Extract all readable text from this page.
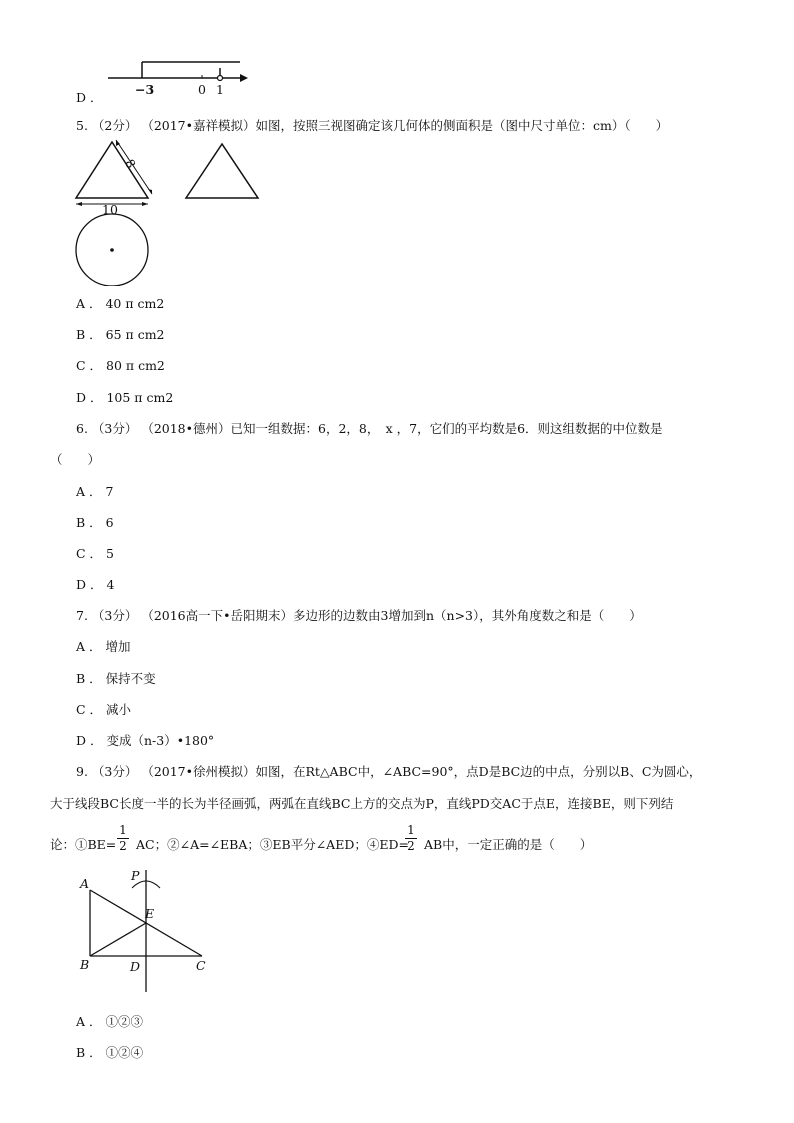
−3	0 1
D ．
5. （2分） （2017•嘉祥模拟）如图，按照三视图确定该几何体的侧面积是（图中尺寸单位：cm）（　　）
8
10
A ． 40 π cm2
B ． 65 π cm2
C ． 80 π cm2
D ． 105 π cm2
6. （3分） （2018•德州）已知一组数据：6，2，8，　x ，7，它们的平均数是6．则这组数据的中位数是
（　　）
A ． 7
B ． 6
C ． 5
D ． 4
7. （3分） （2016高一下•岳阳期末）多边形的边数由3增加到n（n>3），其外角度数之和是（　　）
A ． 增加
B ． 保持不变
C ． 减小
D ． 变成（n-3）•180°
9. （3分） （2017•徐州模拟）如图，在Rt△ABC中，∠ABC=90°，点D是BC边的中点，分别以B、C为圆心，
大于线段BC长度一半的长为半径画弧，两弧在直线BC上方的交点为P，直线PD交AC于点E，连接BE，则下列结
论：①BE=
1
2 AC；②∠A=∠EBA；③EB平分∠AED；④ED=
1
2 AB中，一定正确的是（　　）
A
P
E
B	D	C
A ． ①②③
B ． ①②④
